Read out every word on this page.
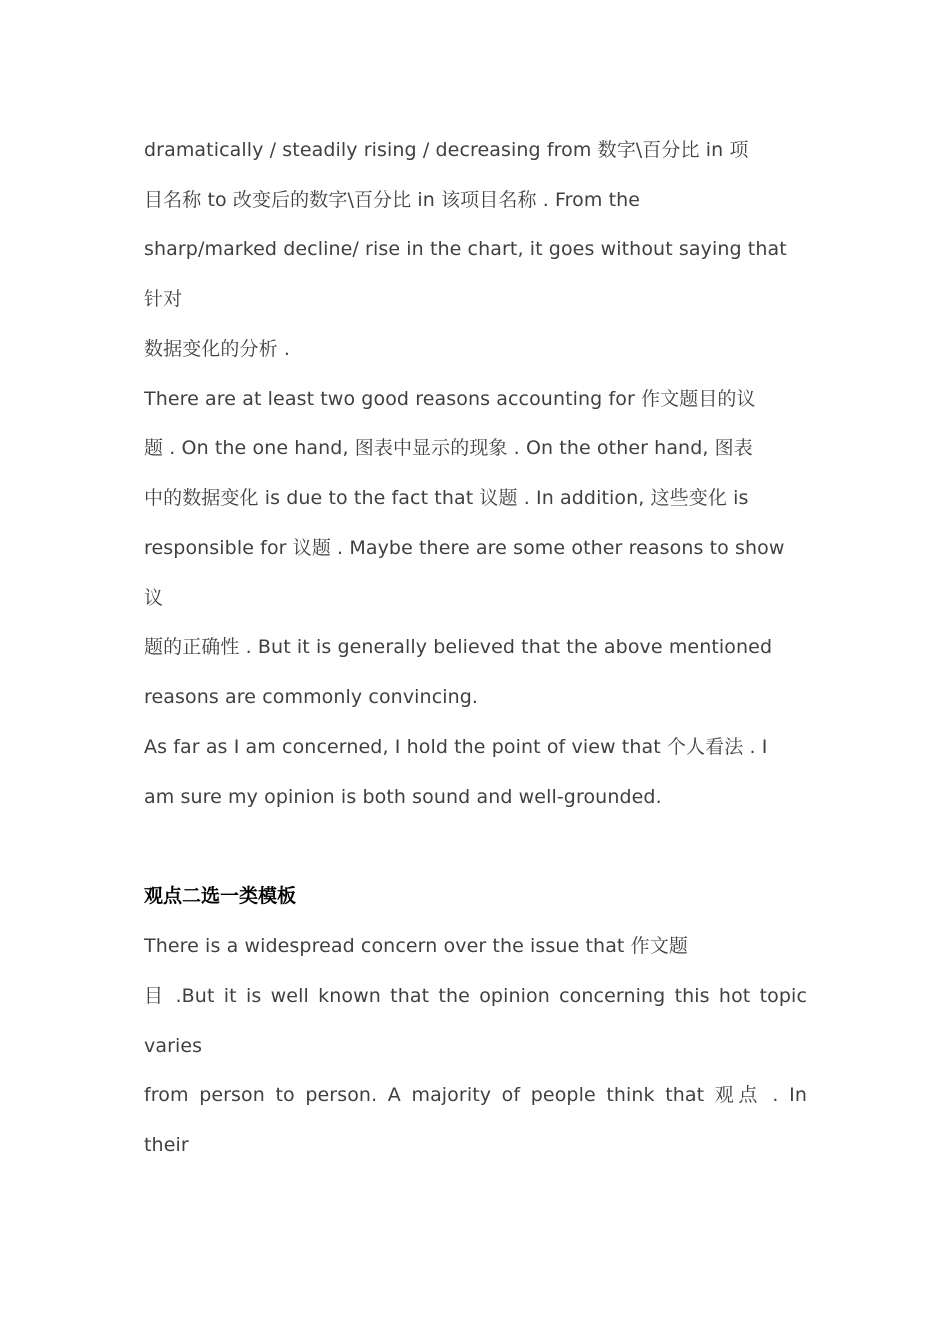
dramatically / steadily rising / decreasing from 数字\百分比 in 项
目名称 to 改变后的数字\百分比 in 该项目名称 . From the
sharp/marked decline/ rise in the chart, it goes without saying that
针对
数据变化的分析 .
There are at least two good reasons accounting for 作文题目的议
题 . On the one hand, 图表中显示的现象 . On the other hand, 图表
中的数据变化 is due to the fact that 议题 . In addition, 这些变化 is
responsible for 议题 . Maybe there are some other reasons to show
议
题的正确性 . But it is generally believed that the above mentioned
reasons are commonly convincing.
As far as I am concerned, I hold the point of view that 个人看法 . I
am sure my opinion is both sound and well-grounded.
观点二选一类模板
There is a widespread concern over the issue that 作文题
目 .But it is well known that the opinion concerning this hot topic
varies
from person to person. A majority of people think that 观点 . In
their
